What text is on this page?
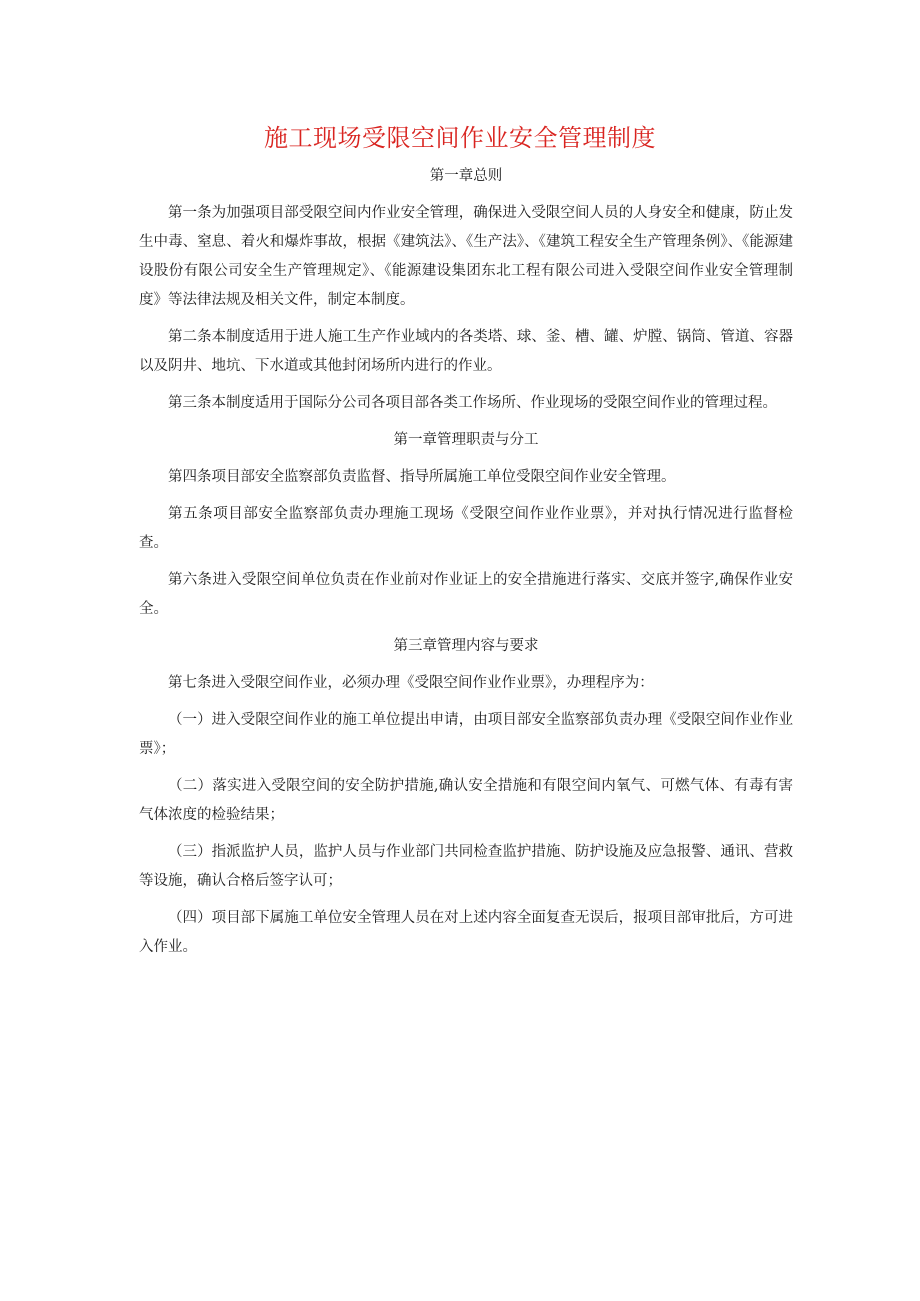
施工现场受限空间作业安全管理制度

第一章总则

第一条为加强项目部受限空间内作业安全管理，确保进入受限空间人员的人身安全和健康，防止发生中毒、窒息、着火和爆炸事故，根据《建筑法》、《生产法》、《建筑工程安全生产管理条例》、《能源建设股份有限公司安全生产管理规定》、《能源建设集团东北工程有限公司进入受限空间作业安全管理制度》等法律法规及相关文件，制定本制度。

第二条本制度适用于进人施工生产作业域内的各类塔、球、釜、槽、罐、炉膛、锅筒、管道、容器以及阴井、地坑、下水道或其他封闭场所内进行的作业。

第三条本制度适用于国际分公司各项目部各类工作场所、作业现场的受限空间作业的管理过程。

第一章管理职责与分工

第四条项目部安全监察部负责监督、指导所属施工单位受限空间作业安全管理。

第五条项目部安全监察部负责办理施工现场《受限空间作业作业票》，并对执行情况进行监督检查。

第六条进入受限空间单位负责在作业前对作业证上的安全措施进行落实、交底并签字,确保作业安全。

第三章管理内容与要求

第七条进入受限空间作业，必须办理《受限空间作业作业票》，办理程序为：

（一）进入受限空间作业的施工单位提出申请，由项目部安全监察部负责办理《受限空间作业作业票》；

（二）落实进入受限空间的安全防护措施,确认安全措施和有限空间内氧气、可燃气体、有毒有害气体浓度的检验结果；

（三）指派监护人员，监护人员与作业部门共同检查监护措施、防护设施及应急报警、通讯、营救等设施，确认合格后签字认可；

（四）项目部下属施工单位安全管理人员在对上述内容全面复查无误后，报项目部审批后，方可进入作业。
